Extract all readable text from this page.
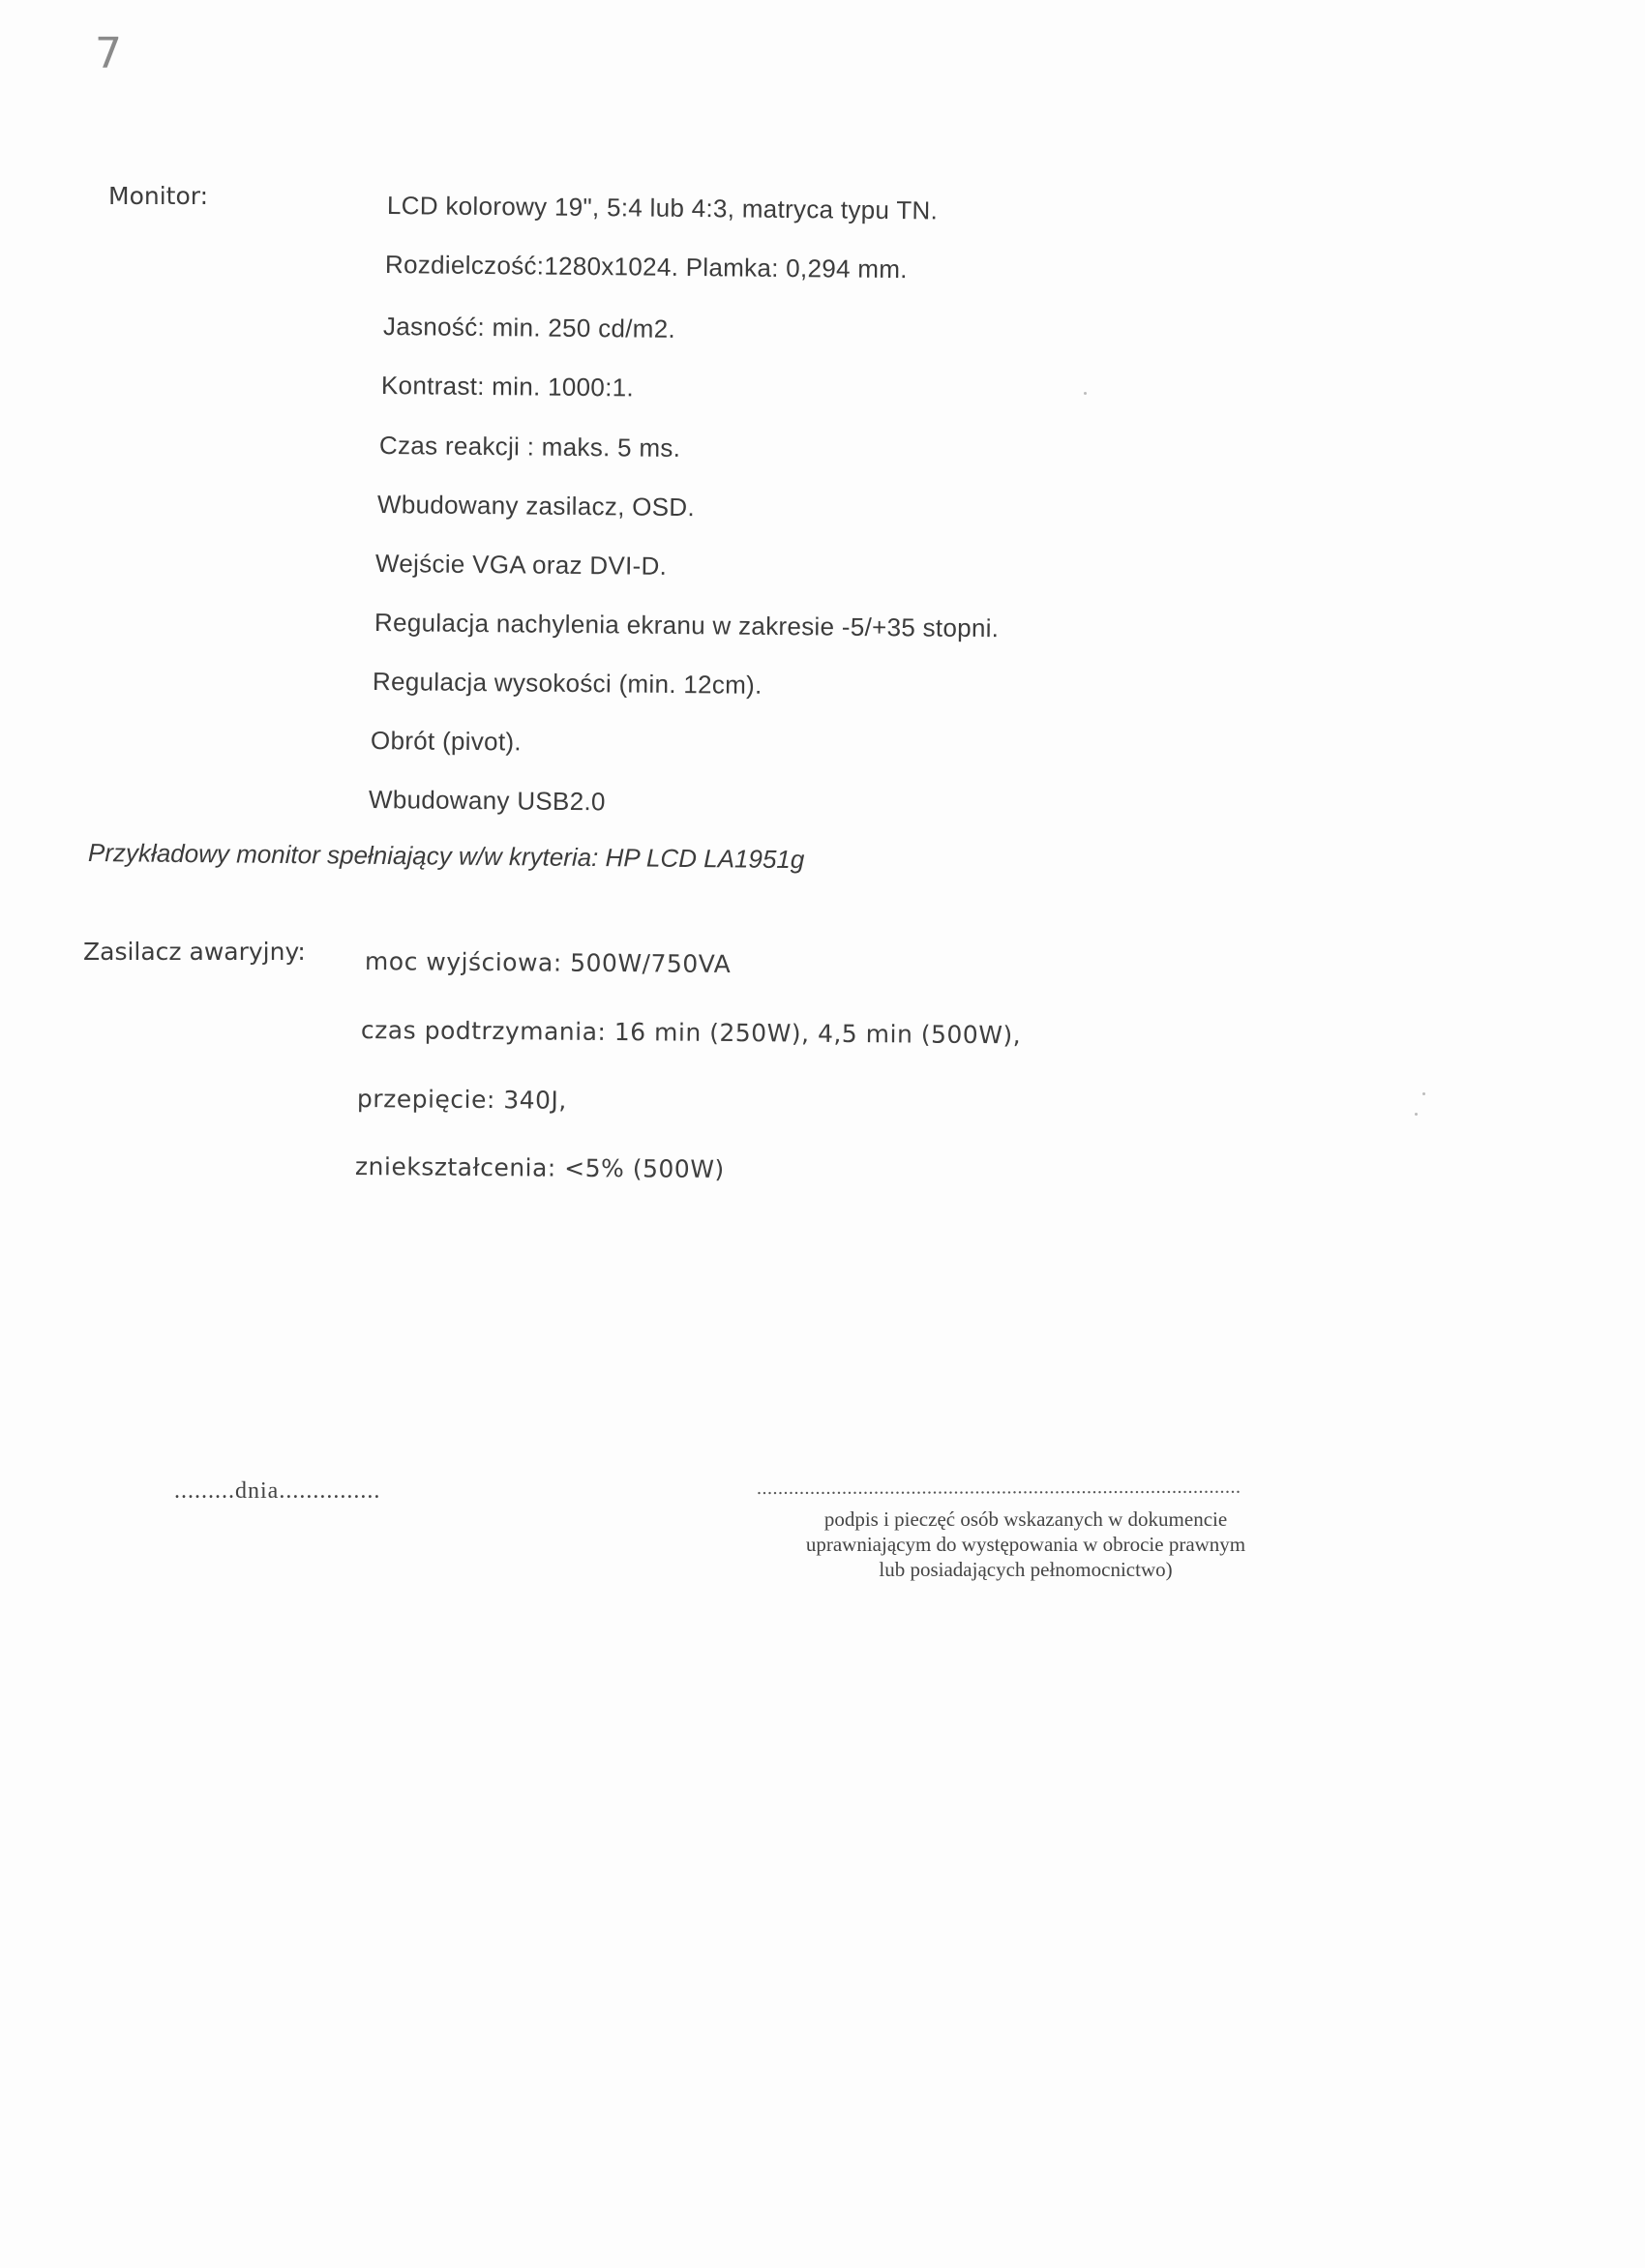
7
Monitor:	LCD kolorowy 19", 5:4 lub 4:3, matryca typu TN.
Rozdielczość:1280x1024. Plamka: 0,294 mm.
Jasność: min. 250 cd/m2.
Kontrast: min. 1000:1.
Czas reakcji : maks. 5 ms.
Wbudowany zasilacz, OSD.
Wejście VGA oraz DVI-D.
Regulacja nachylenia ekranu w zakresie -5/+35 stopni.
Regulacja wysokości (min. 12cm).
Obrót (pivot).
Wbudowany USB2.0
Przykładowy monitor spełniający w/w kryteria: HP LCD LA1951g
Zasilacz awaryjny: moc wyjściowa: 500W/750VA
czas podtrzymania: 16 min (250W), 4,5 min (500W),
przepięcie: 340J,
zniekształcenia: <5% (500W)
.........dnia...............	...........................................................................................
podpis i pieczęć osób wskazanych w dokumencie
uprawniającym do występowania w obrocie prawnym
lub posiadających pełnomocnictwo)
